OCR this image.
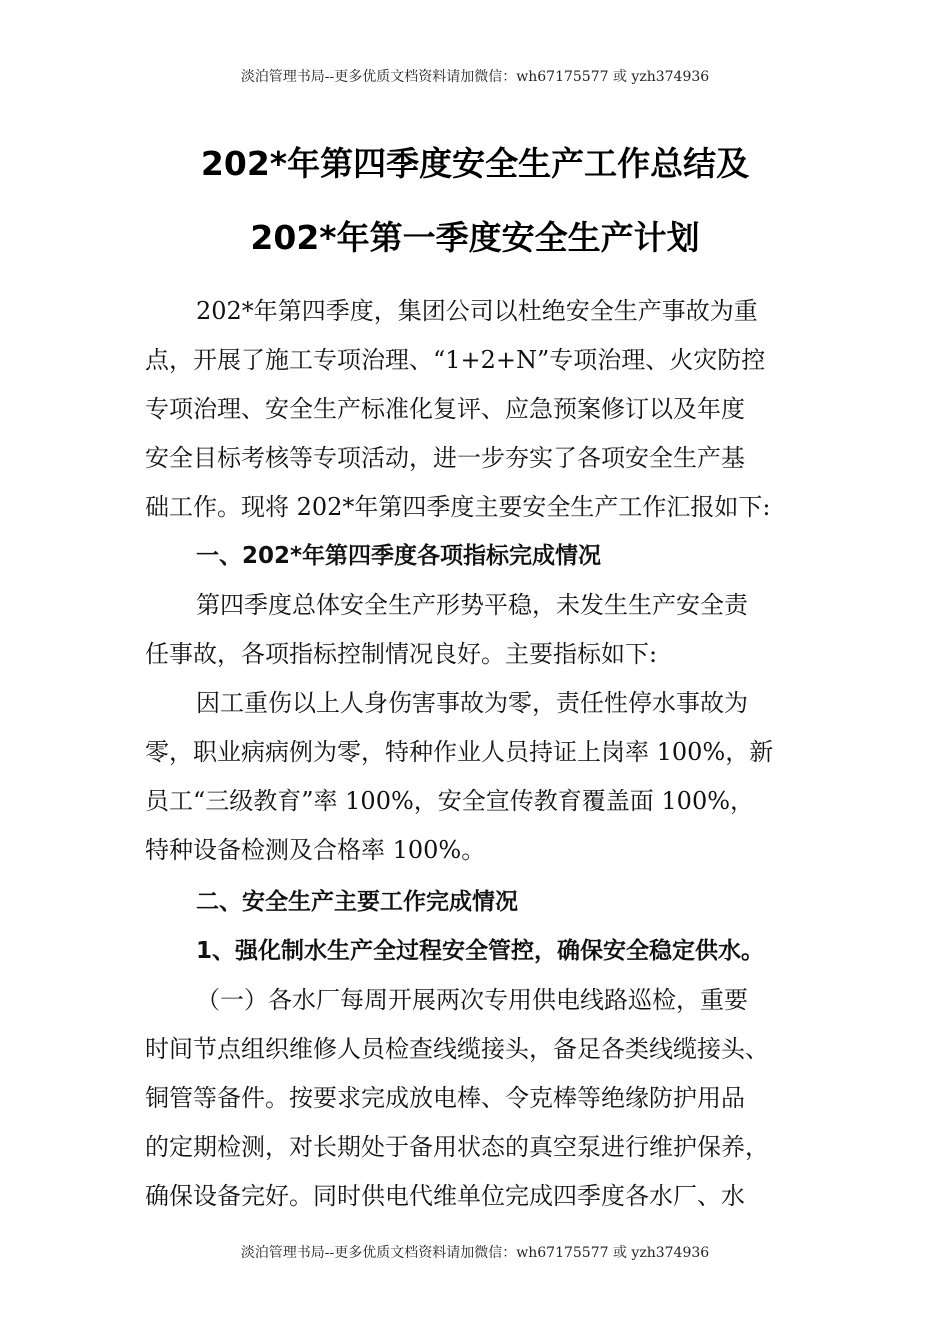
淡泊管理书局--更多优质文档资料请加微信：wh67175577 或 yzh374936
202*年第四季度安全生产工作总结及
202*年第一季度安全生产计划
202*年第四季度，集团公司以杜绝安全生产事故为重
点，开展了施工专项治理、“1+2+N”专项治理、火灾防控
专项治理、安全生产标准化复评、应急预案修订以及年度
安全目标考核等专项活动，进一步夯实了各项安全生产基
础工作。现将 202*年第四季度主要安全生产工作汇报如下:
一、202*年第四季度各项指标完成情况
第四季度总体安全生产形势平稳，未发生生产安全责
任事故，各项指标控制情况良好。主要指标如下:
因工重伤以上人身伤害事故为零，责任性停水事故为
零，职业病病例为零，特种作业人员持证上岗率 100%，新
员工“三级教育”率 100%，安全宣传教育覆盖面 100%，
特种设备检测及合格率 100%。
二、安全生产主要工作完成情况
1、强化制水生产全过程安全管控，确保安全稳定供水。
（一）各水厂每周开展两次专用供电线路巡检，重要
时间节点组织维修人员检查线缆接头，备足各类线缆接头、
铜管等备件。按要求完成放电棒、令克棒等绝缘防护用品
的定期检测，对长期处于备用状态的真空泵进行维护保养，
确保设备完好。同时供电代维单位完成四季度各水厂、水
淡泊管理书局--更多优质文档资料请加微信：wh67175577 或 yzh374936
